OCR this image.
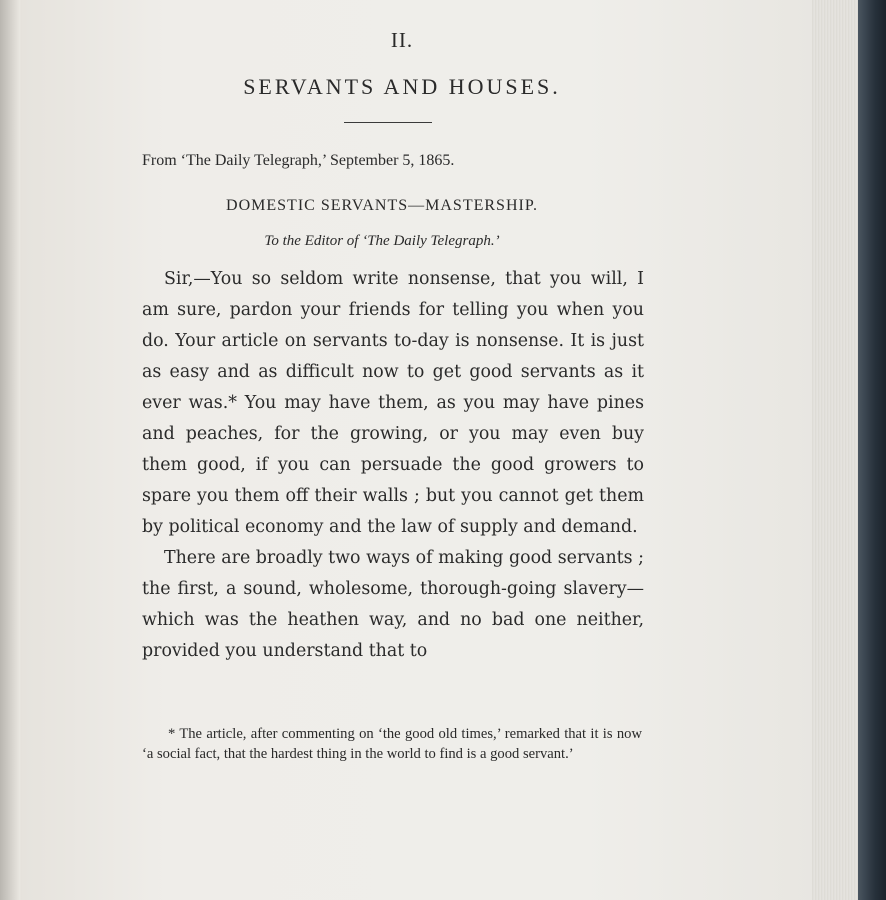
II.
SERVANTS AND HOUSES.
From ‘The Daily Telegraph,’ September 5, 1865.
DOMESTIC SERVANTS—MASTERSHIP.
To the Editor of ‘The Daily Telegraph.’

Sir,—You so seldom write nonsense, that you will, I am sure, pardon your friends for telling you when you do. Your article on servants to-day is nonsense. It is just as easy and as difficult now to get good servants as it ever was.* You may have them, as you may have pines and peaches, for the growing, or you may even buy them good, if you can persuade the good growers to spare you them off their walls ; but you cannot get them by political economy and the law of supply and demand.

There are broadly two ways of making good servants ; the first, a sound, wholesome, thorough-going slavery—which was the heathen way, and no bad one neither, provided you understand that to

* The article, after commenting on ‘the good old times,’ remarked that it is now ‘a social fact, that the hardest thing in the world to find is a good servant.’
